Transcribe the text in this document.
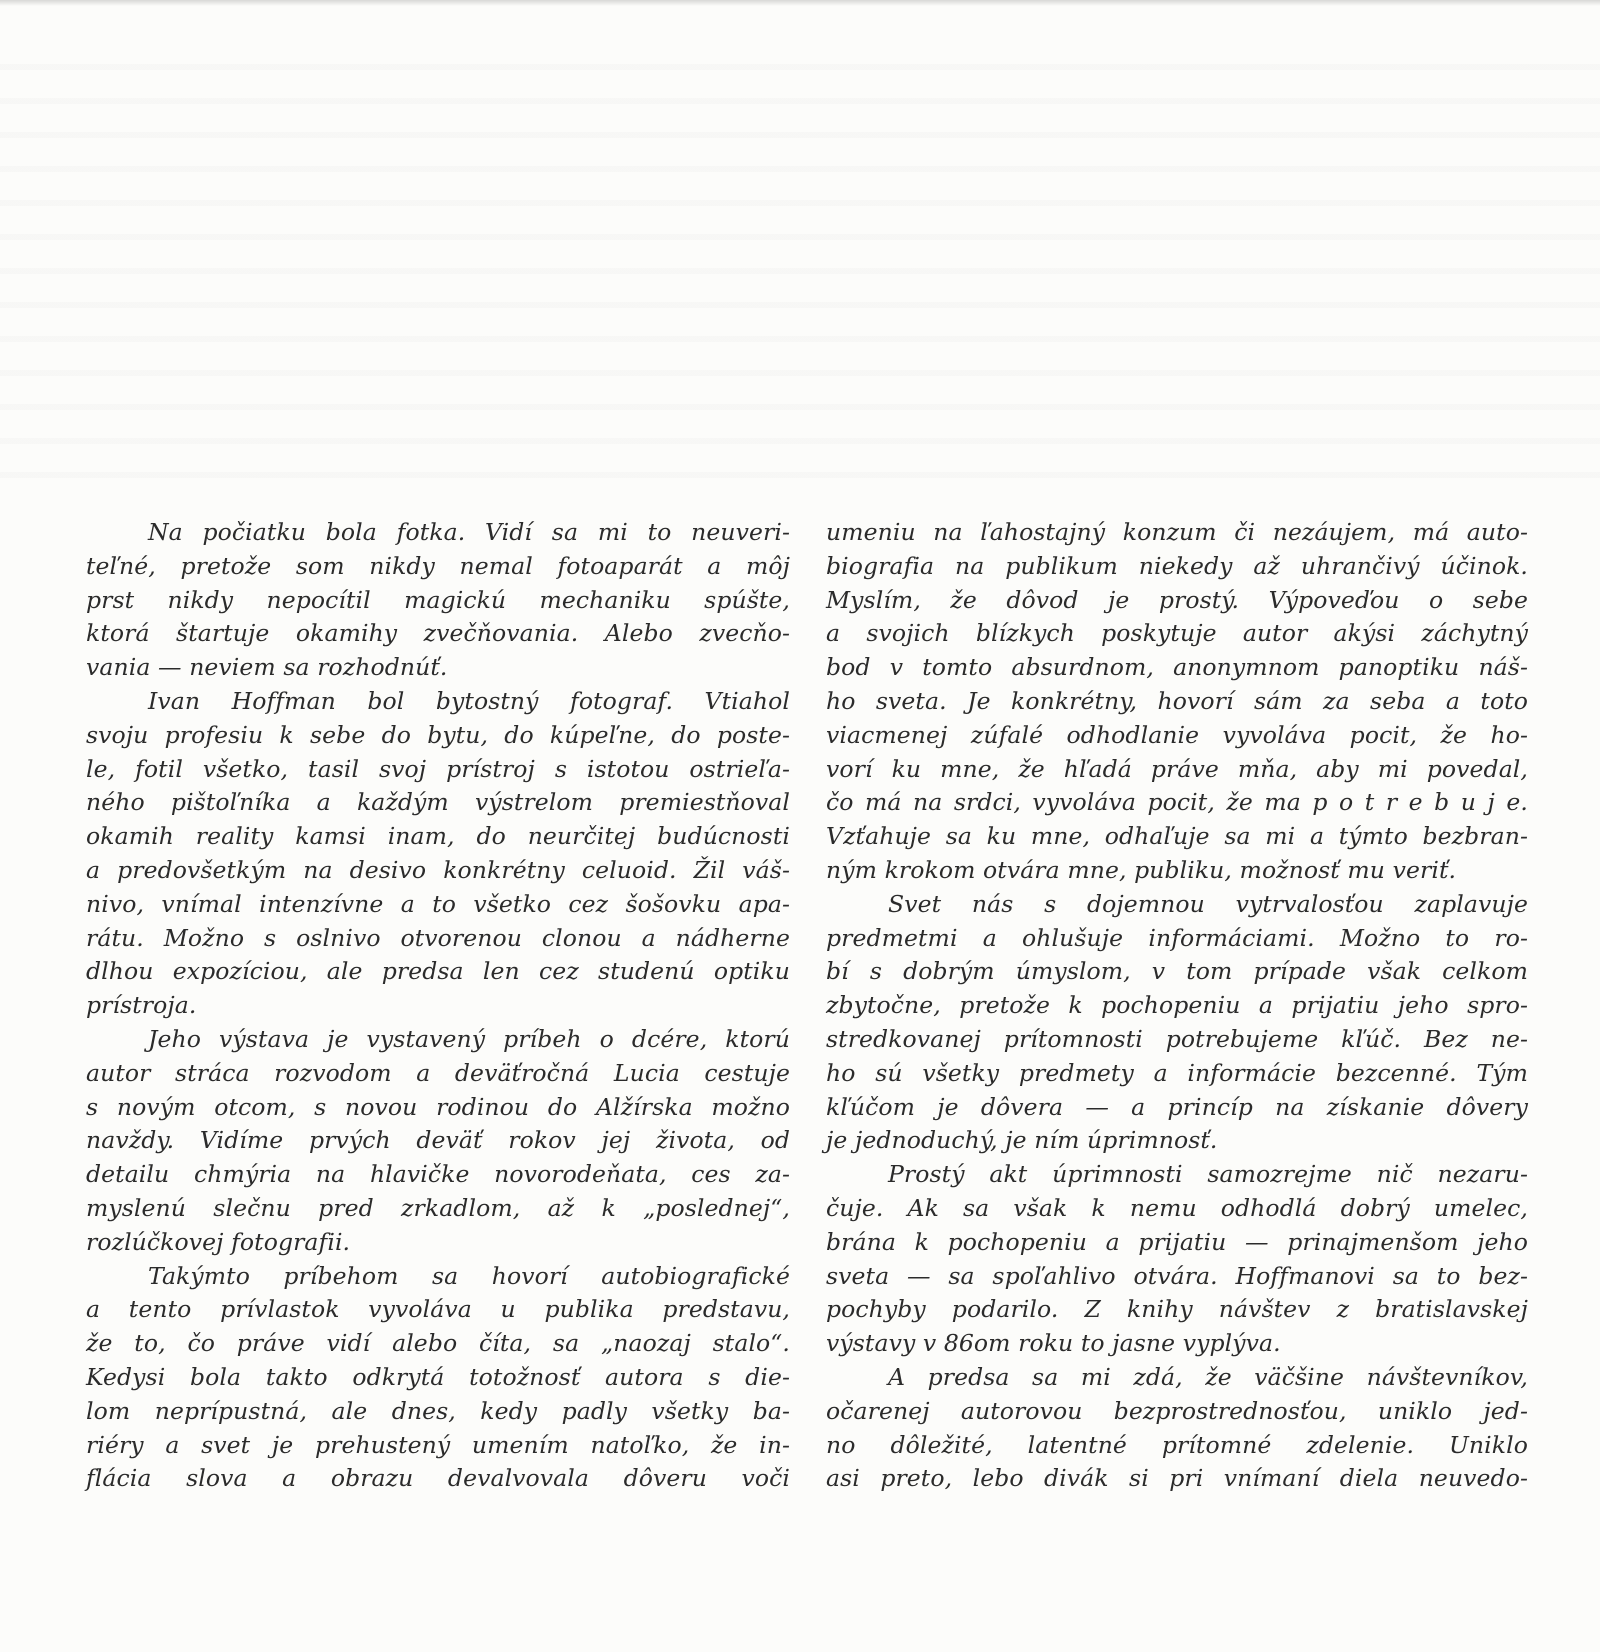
Na počiatku bola fotka. Vidí sa mi to neuveri-
teľné, pretože som nikdy nemal fotoaparát a môj
prst nikdy nepocítil magickú mechaniku spúšte,
ktorá štartuje okamihy zvečňovania. Alebo zvecňo-
vania — neviem sa rozhodnúť.
Ivan Hoffman bol bytostný fotograf. Vtiahol
svoju profesiu k sebe do bytu, do kúpeľne, do poste-
le, fotil všetko, tasil svoj prístroj s istotou ostrieľa-
ného pištoľníka a každým výstrelom premiestňoval
okamih reality kamsi inam, do neurčitej budúcnosti
a predovšetkým na desivo konkrétny celuoid. Žil váš-
nivo, vnímal intenzívne a to všetko cez šošovku apa-
rátu. Možno s oslnivo otvorenou clonou a nádherne
dlhou expozíciou, ale predsa len cez studenú optiku
prístroja.
Jeho výstava je vystavený príbeh o dcére, ktorú
autor stráca rozvodom a deväťročná Lucia cestuje
s novým otcom, s novou rodinou do Alžírska možno
navždy. Vidíme prvých deväť rokov jej života, od
detailu chmýria na hlavičke novorodeňata, ces za-
myslenú slečnu pred zrkadlom, až k „poslednej“,
rozlúčkovej fotografii.
Takýmto príbehom sa hovorí autobiografické
a tento prívlastok vyvoláva u publika predstavu,
že to, čo práve vidí alebo číta, sa „naozaj stalo“.
Kedysi bola takto odkrytá totožnosť autora s die-
lom neprípustná, ale dnes, kedy padly všetky ba-
riéry a svet je prehustený umením natoľko, že in-
flácia slova a obrazu devalvovala dôveru voči
umeniu na ľahostajný konzum či nezáujem, má auto-
biografia na publikum niekedy až uhrančivý účinok.
Myslím, že dôvod je prostý. Výpoveďou o sebe
a svojich blízkych poskytuje autor akýsi záchytný
bod v tomto absurdnom, anonymnom panoptiku náš-
ho sveta. Je konkrétny, hovorí sám za seba a toto
viacmenej zúfalé odhodlanie vyvoláva pocit, že ho-
vorí ku mne, že hľadá práve mňa, aby mi povedal,
čo má na srdci, vyvoláva pocit, že ma p o t r e b u j e.
Vzťahuje sa ku mne, odhaľuje sa mi a týmto bezbran-
ným krokom otvára mne, publiku, možnosť mu veriť.
Svet nás s dojemnou vytrvalosťou zaplavuje
predmetmi a ohlušuje informáciami. Možno to ro-
bí s dobrým úmyslom, v tom prípade však celkom
zbytočne, pretože k pochopeniu a prijatiu jeho spro-
stredkovanej prítomnosti potrebujeme kľúč. Bez ne-
ho sú všetky predmety a informácie bezcenné. Tým
kľúčom je dôvera — a princíp na získanie dôvery
je jednoduchý, je ním úprimnosť.
Prostý akt úprimnosti samozrejme nič nezaru-
čuje. Ak sa však k nemu odhodlá dobrý umelec,
brána k pochopeniu a prijatiu — prinajmenšom jeho
sveta — sa spoľahlivo otvára. Hoffmanovi sa to bez-
pochyby podarilo. Z knihy návštev z bratislavskej
výstavy v 86om roku to jasne vyplýva.
A predsa sa mi zdá, že väčšine návštevníkov,
očarenej autorovou bezprostrednosťou, uniklo jed-
no dôležité, latentné prítomné zdelenie. Uniklo
asi preto, lebo divák si pri vnímaní diela neuvedo-
